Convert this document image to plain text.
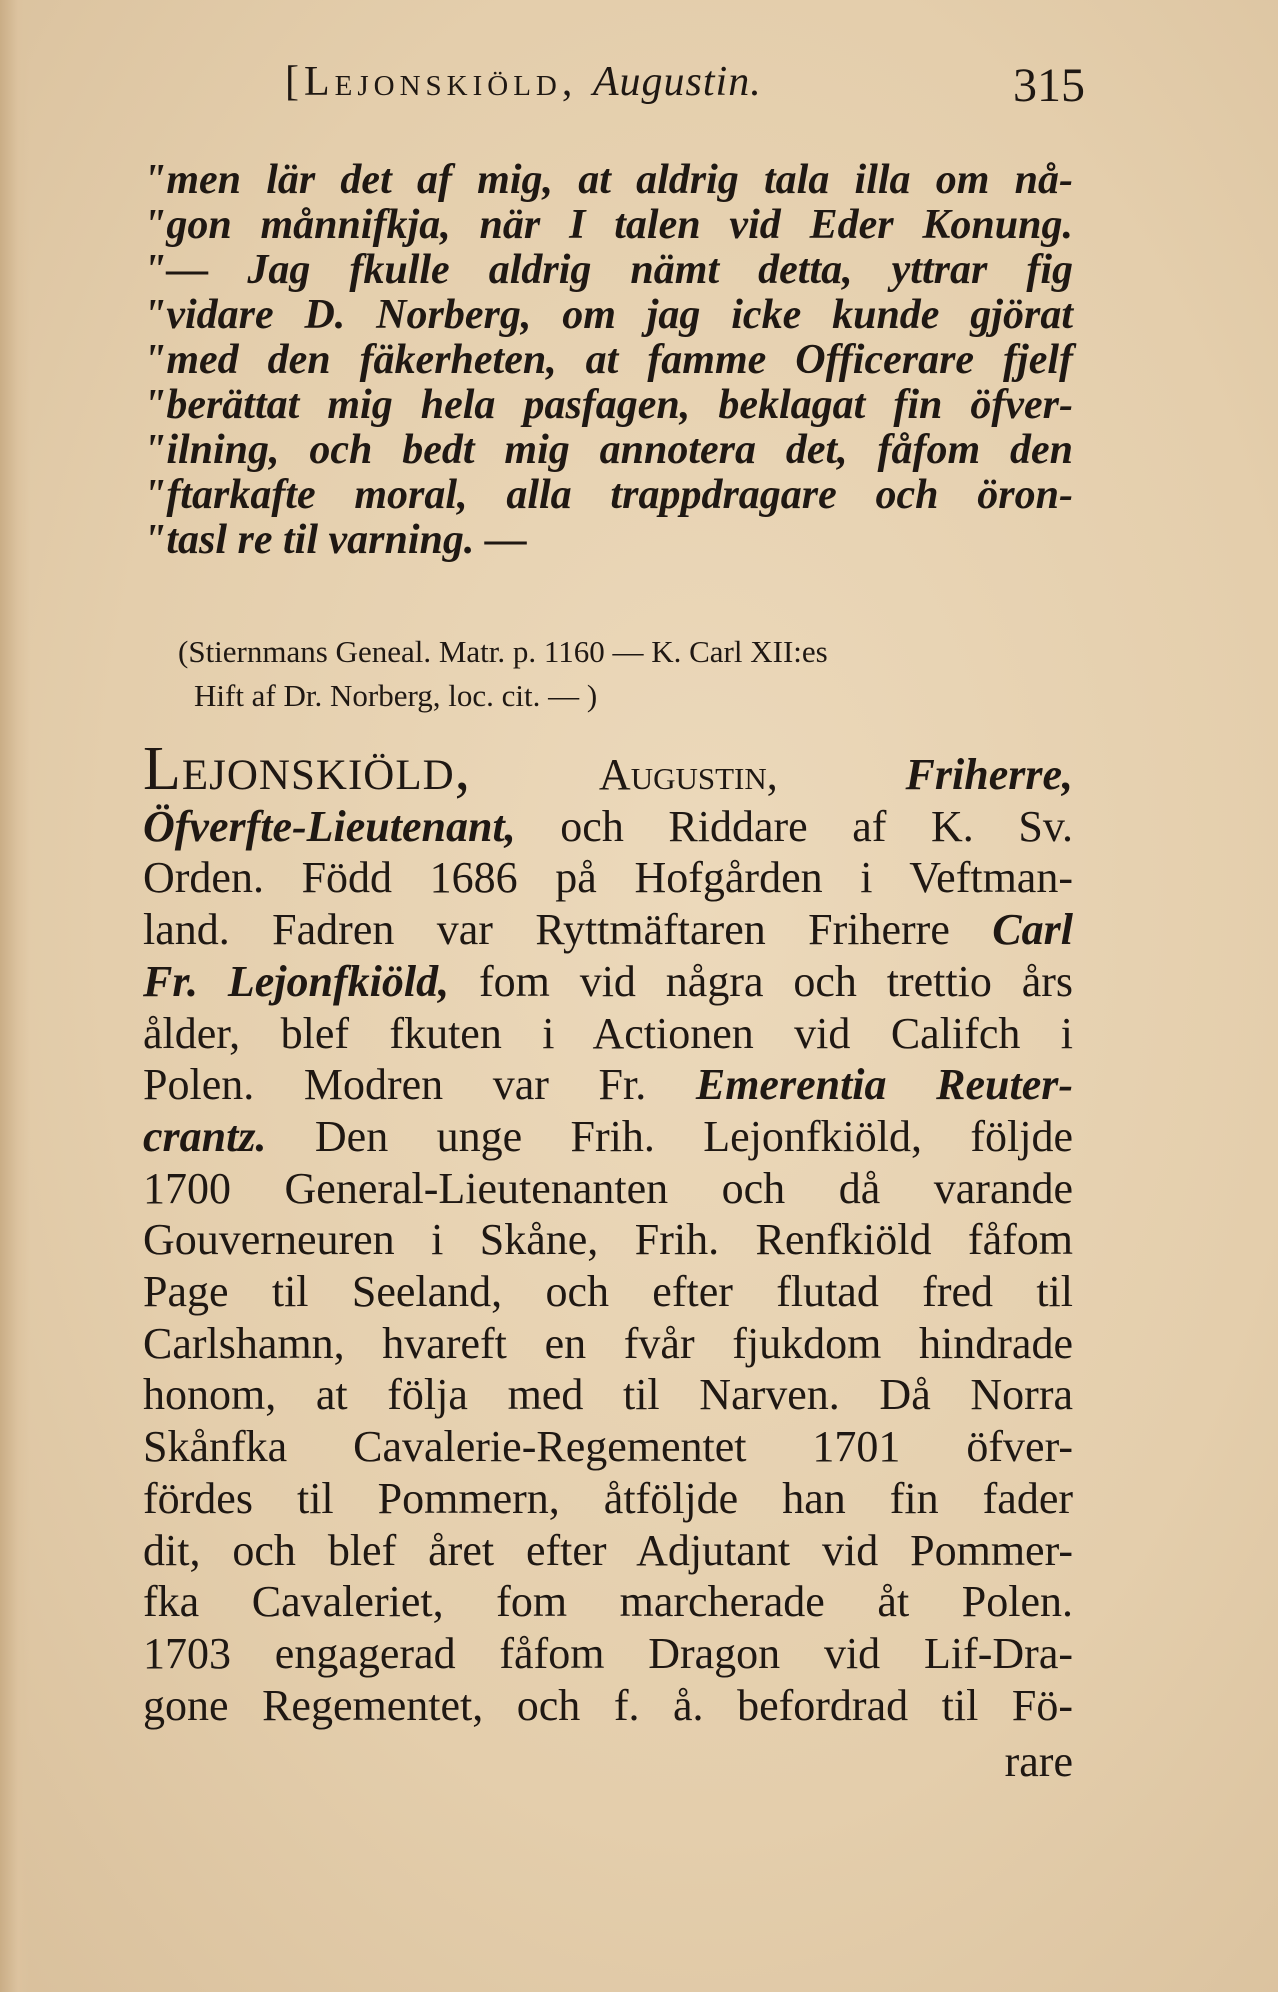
[Lejonskiöld, Augustin.	315
"men lär det af mig, at aldrig tala illa om nå-
"gon månnifkja, när I talen vid Eder Konung.
"— Jag fkulle aldrig nämt detta, yttrar fig
"vidare D. Norberg, om jag icke kunde gjörat
"med den fäkerheten, at famme Officerare fjelf
"berättat mig hela pasfagen, beklagat fin öfver-
"ilning, och bedt mig annotera det, fåfom den
"ftarkafte moral, alla trappdragare och öron-
"tasl re til varning. —
(Stiernmans Geneal. Matr. p. 1160 — K. Carl XII:es
Hift af Dr. Norberg, loc. cit. — )
Lejonskiöld,	Augustin,	Friherre,
Öfverfte-Lieutenant, och Riddare af K. Sv.
Orden. Född 1686 på Hofgården i Veftman-
land. Fadren var Ryttmäftaren Friherre Carl
Fr. Lejonfkiöld, fom vid några och trettio års
ålder, blef fkuten i Actionen vid Califch i
Polen. Modren var Fr. Emerentia Reuter-
crantz. Den unge Frih. Lejonfkiöld, följde
1700 General-Lieutenanten och då varande
Gouverneuren i Skåne, Frih. Renfkiöld fåfom
Page til Seeland, och efter flutad fred til
Carlshamn, hvareft en fvår fjukdom hindrade
honom, at följa med til Narven. Då Norra
Skånfka Cavalerie-Regementet 1701 öfver-
fördes til Pommern, åtföljde han fin fader
dit, och blef året efter Adjutant vid Pommer-
fka Cavaleriet, fom marcherade åt Polen.
1703 engagerad fåfom Dragon vid Lif-Dra-
gone Regementet, och f. å. befordrad til Fö-
rare
